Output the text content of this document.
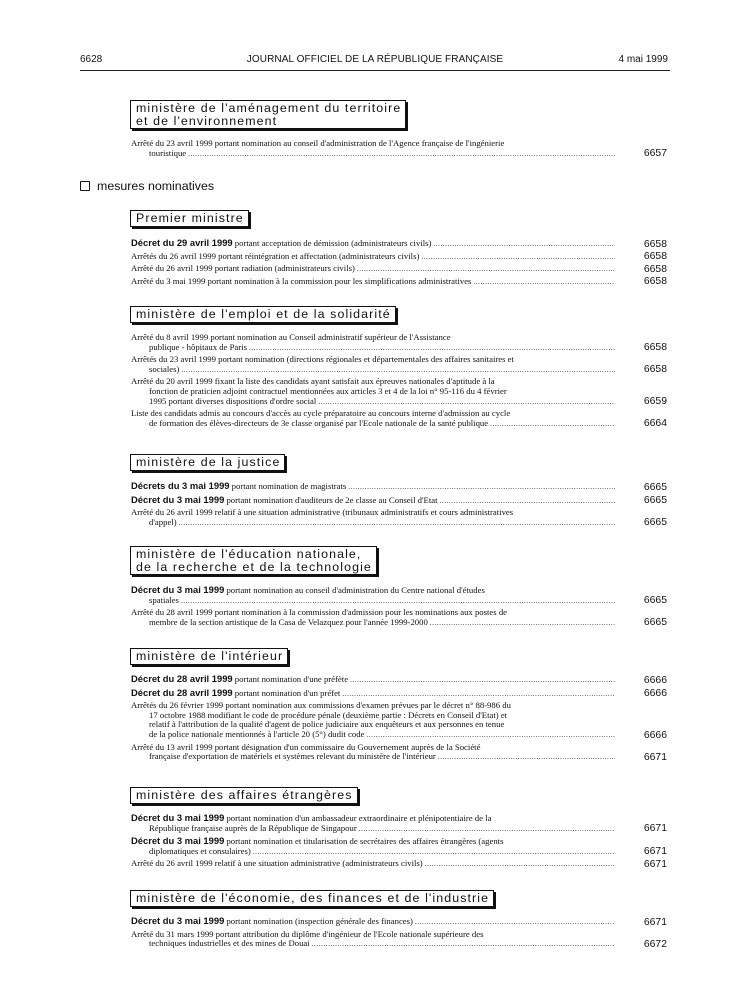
6628	JOURNAL OFFICIEL DE LA RÉPUBLIQUE FRANÇAISE	4 mai 1999
mesures nominatives
ministère de l'aménagement du territoire
et de l'environnement
Arrêté du 23 avril 1999 portant nomination au conseil d'administration de l'Agence française de l'ingénierie
touristique .....	6657
Premier ministre
Décret du 29 avril 1999 portant acceptation de démission (administrateurs civils) .....	6658
Arrêtés du 26 avril 1999 portant réintégration et affectation (administrateurs civils) .....	6658
Arrêté du 26 avril 1999 portant radiation (administrateurs civils) .....	6658
Arrêté du 3 mai 1999 portant nomination à la commission pour les simplifications administratives .....	6658
ministère de l'emploi et de la solidarité
Arrêté du 8 avril 1999 portant nomination au Conseil administratif supérieur de l'Assistance
publique - hôpitaux de Paris .....	6658
Arrêtés du 23 avril 1999 portant nomination (directions régionales et départementales des affaires sanitaires et
sociales) .....	6658
Arrêté du 20 avril 1999 fixant la liste des candidats ayant satisfait aux épreuves nationales d'aptitude à la
fonction de praticien adjoint contractuel mentionnées aux articles 3 et 4 de la loi n° 95-116 du 4 février
1995 portant diverses dispositions d'ordre social .....	6659
Liste des candidats admis au concours d'accès au cycle préparatoire au concours interne d'admission au cycle
de formation des élèves-directeurs de 3e classe organisé par l'Ecole nationale de la santé publique .....	6664
ministère de la justice
Décrets du 3 mai 1999 portant nomination de magistrats .....	6665
Décret du 3 mai 1999 portant nomination d'auditeurs de 2e classe au Conseil d'Etat .....	6665
Arrêté du 26 avril 1999 relatif à une situation administrative (tribunaux administratifs et cours administratives
d'appel) .....	6665
ministère de l'éducation nationale,
de la recherche et de la technologie
Décret du 3 mai 1999 portant nomination au conseil d'administration du Centre national d'études
spatiales .....	6665
Arrêté du 28 avril 1999 portant nomination à la commission d'admission pour les nominations aux postes de
membre de la section artistique de la Casa de Velazquez pour l'année 1999-2000 .....	6665
ministère de l'intérieur
Décret du 28 avril 1999 portant nomination d'une préfète .....	6666
Décret du 28 avril 1999 portant nomination d'un préfet .....	6666
Arrêtés du 26 février 1999 portant nomination aux commissions d'examen prévues par le décret n° 88-986 du
17 octobre 1988 modifiant le code de procédure pénale (deuxième partie : Décrets en Conseil d'Etat) et
relatif à l'attribution de la qualité d'agent de police judiciaire aux enquêteurs et aux personnes en tenue
de la police nationale mentionnés à l'article 20 (5°) dudit code .....	6666
Arrêté du 13 avril 1999 portant désignation d'un commissaire du Gouvernement auprès de la Société
française d'exportation de matériels et systèmes relevant du ministère de l'intérieur .....	6671
ministère des affaires étrangères
Décret du 3 mai 1999 portant nomination d'un ambassadeur extraordinaire et plénipotentiaire de la
République française auprès de la République de Singapour .....	6671
Décret du 3 mai 1999 portant nomination et titularisation de secrétaires des affaires étrangères (agents
diplomatiques et consulaires) .....	6671
Arrêté du 26 avril 1999 relatif à une situation administrative (administrateurs civils) .....	6671
ministère de l'économie, des finances et de l'industrie
Décret du 3 mai 1999 portant nomination (inspection générale des finances) .....	6671
Arrêté du 31 mars 1999 portant attribution du diplôme d'ingénieur de l'Ecole nationale supérieure des
techniques industrielles et des mines de Douai .....	6672
